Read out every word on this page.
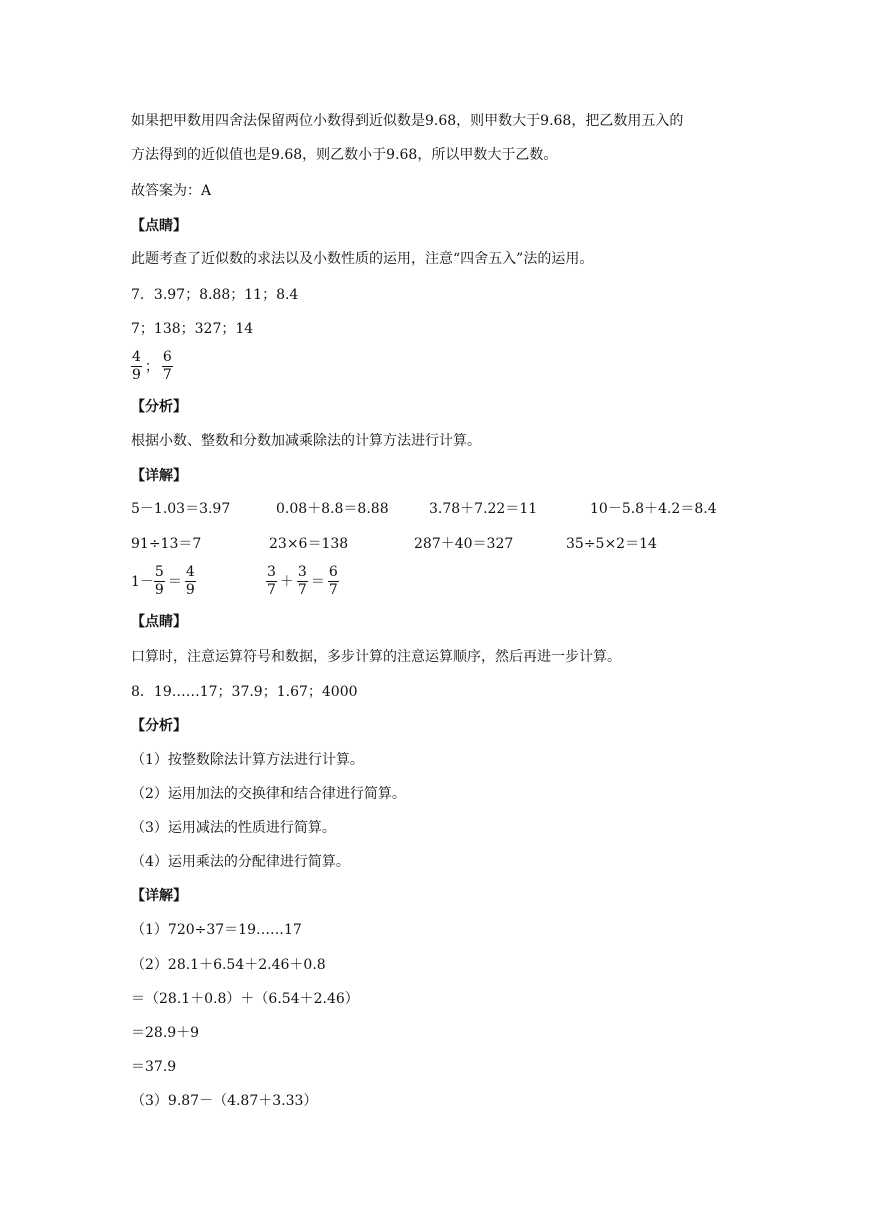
如果把甲数用四舍法保留两位小数得到近似数是9.68，则甲数大于9.68，把乙数用五入的
方法得到的近似值也是9.68，则乙数小于9.68，所以甲数大于乙数。
故答案为：A
【点睛】
此题考查了近似数的求法以及小数性质的运用，注意“四舍五入”法的运用。
7．3.97；8.88；11；8.4
7；138；327；14
$\frac{4}{9}$ ； $\frac{6}{7}$
【分析】
根据小数、整数和分数加减乘除法的计算方法进行计算。
【详解】
5－1.03＝3.97	0.08＋8.8＝8.88	3.78＋7.22＝11	10－5.8＋4.2＝8.4
91÷13＝7	23×6＝138	287＋40＝327	35÷5×2＝14
$1- \frac{5}{9} = \frac{4}{9}$	$\frac{3}{7} + \frac{3}{7} = \frac{6}{7}$
【点睛】
口算时，注意运算符号和数据，多步计算的注意运算顺序，然后再进一步计算。
8．19……17；37.9；1.67；4000
【分析】
（1）按整数除法计算方法进行计算。
（2）运用加法的交换律和结合律进行简算。
（3）运用减法的性质进行简算。
（4）运用乘法的分配律进行简算。
【详解】
（1）720÷37＝19……17
（2）28.1＋6.54＋2.46＋0.8
＝（28.1＋0.8）＋（6.54＋2.46）
＝28.9＋9
＝37.9
（3）9.87－（4.87＋3.33）
